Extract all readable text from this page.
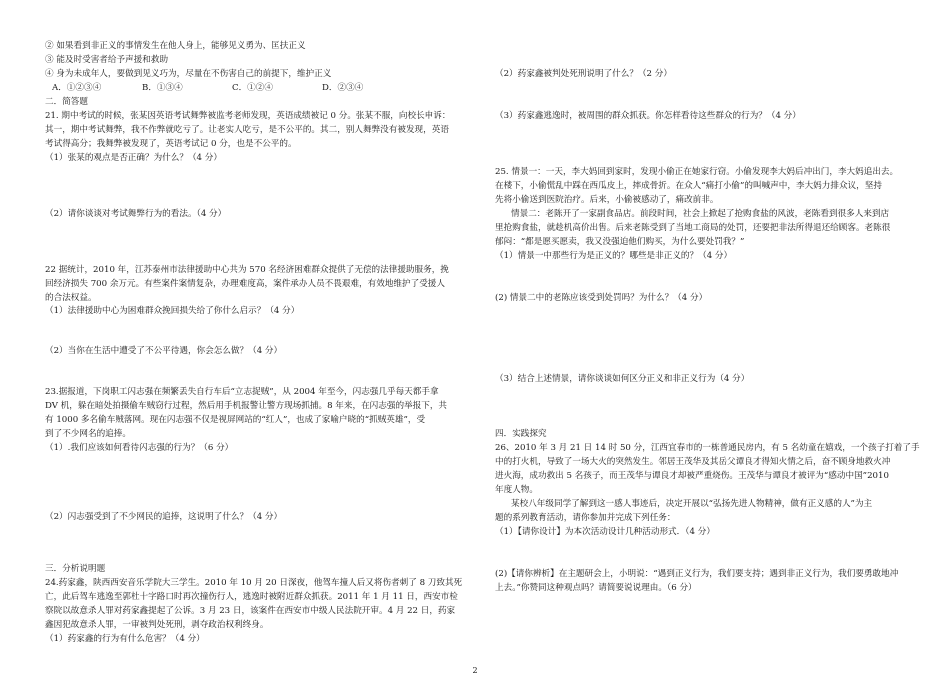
② 如果看到非正义的事情发生在他人身上，能够见义勇为、匡扶正义
③ 能及时受害者给予声援和救助
④ 身为未成年人，要做到见义巧为，尽量在不伤害自己的前提下，维护正义
A．①②③④	B．①③④	C．①②④	D．②③④
二．简答题
21. 期中考试的时候，张某因英语考试舞弊被监考老师发现，英语成绩被记 0 分。张某不服，向校长申诉：
其一，期中考试舞弊，我不作弊就吃亏了。让老实人吃亏，是不公平的。其二，别人舞弊没有被发现，英语
考试得高分；我舞弊被发现了，英语考试记 0 分，也是不公平的。
（1）张某的观点是否正确？为什么？（4 分）
（2）请你谈谈对考试舞弊行为的看法。（4 分）
22 据统计，2010 年，江苏泰州市法律援助中心共为 570 名经济困难群众提供了无偿的法律援助服务，挽
回经济损失 700 余万元。有些案件案情复杂，办理难度高，案件承办人员不畏艰难，有效地维护了受援人
的合法权益。
（1）法律援助中心为困难群众挽回损失给了你什么启示？（4 分）
（2）当你在生活中遭受了不公平待遇，你会怎么做？（4 分）
23.据报道，下岗职工闪志强在频繁丢失自行车后“立志捉贼”，从 2004 年至今，闪志强几乎每天都手拿
DV 机，躲在暗处拍摄偷车贼窃行过程，然后用手机报警让警方现场抓捕。8 年来，在闪志强的举报下，共
有 1000 多名偷车贼落网。现在闪志强不仅是视屏网站的“红人”，也成了家喻户晓的“抓贼英雄”，受
到了不少网名的追捧。
（1）.我们应该如何看待闪志强的行为？（6 分）
（2）闪志强受到了不少网民的追捧，这说明了什么？（4 分）
三．分析说明题
24.药家鑫，陕西西安音乐学院大三学生。2010 年 10 月 20 日深夜，他驾车撞人后又将伤者刺了 8 刀致其死
亡，此后驾车逃逸至郭杜十字路口时再次撞伤行人，逃逸时被附近群众抓获。2011 年 1 月 11 日，西安市检
察院以故意杀人罪对药家鑫提起了公诉。3 月 23 日，该案件在西安市中级人民法院开审。4 月 22 日，药家
鑫因犯故意杀人罪，一审被判处死刑，剥夺政治权利终身。
（1）药家鑫的行为有什么危害？（4 分）
（2）药家鑫被判处死刑说明了什么？（2 分）
（3）药家鑫逃逸时，被周围的群众抓获。你怎样看待这些群众的行为？（4 分）
25. 情景一：一天，李大妈回到家时，发现小偷正在她家行窃。小偷发现李大妈后冲出门，李大妈追出去。
在楼下，小偷慌乱中踩在西瓜皮上，摔成骨折。在众人“痛打小偷”的叫喊声中，李大妈力排众议，坚持
先将小偷送到医院治疗。后来，小偷被感动了，痛改前非。
情景二：老陈开了一家副食品店。前段时间，社会上掀起了抢购食盐的风波，老陈看到很多人来到店
里抢购食盐，就趁机高价出售。后来老陈受到了当地工商局的处罚，还要把非法所得退还给顾客。老陈很
郁闷：“都是愿买愿卖，我又没强迫他们购买，为什么要处罚我？”
（1）情景一中那些行为是正义的？哪些是非正义的？（4 分）
(2) 情景二中的老陈应该受到处罚吗？为什么？（4 分）
（3）结合上述情景，请你谈谈如何区分正义和非正义行为（4 分）
四．实践探究
26、2010 年 3 月 21 日 14 时 50 分，江西宜春市的一栋普通民房内，有 5 名幼童在嬉戏，一个孩子打着了手
中的打火机，导致了一场大火的突然发生。邻居王茂华及其岳父谭良才得知火情之后，奋不顾身地救火冲
进火海，成功救出 5 名孩子，而王茂华与谭良才却被严重烧伤。王茂华与谭良才被评为“感动中国”2010
年度人物。
某校八年级同学了解到这一感人事迹后，决定开展以“弘扬先进人物精神，做有正义感的人”为主
题的系列教育活动，请你参加并完成下列任务：
（1）【请你设计】为本次活动设计几种活动形式．（4 分）
(2)【请你辨析】在主题研会上，小明说：“遇到正义行为，我们要支持；遇到非正义行为，我们要勇敢地冲
上去。”你赞同这种观点吗？请简要说说理由。（6 分）
2
